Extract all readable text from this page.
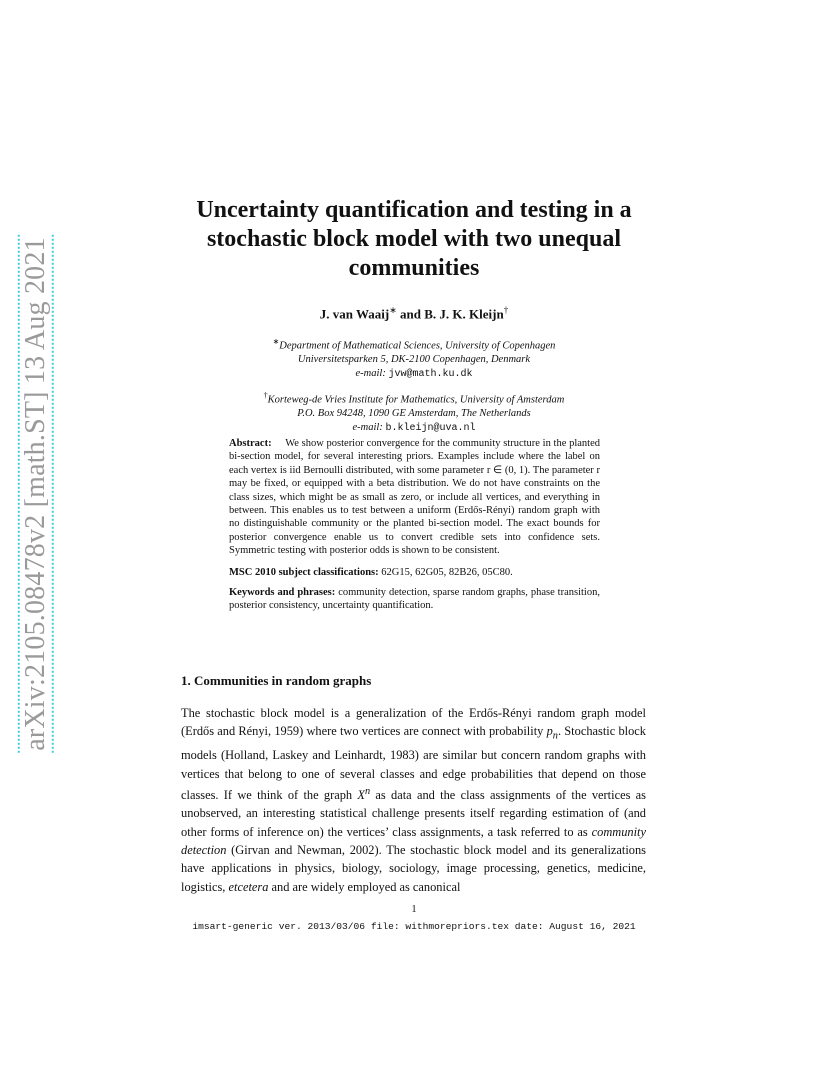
arXiv:2105.08478v2 [math.ST] 13 Aug 2021
Uncertainty quantification and testing in a stochastic block model with two unequal communities
J. van Waaij∗ and B. J. K. Kleijn†
∗Department of Mathematical Sciences, University of Copenhagen
Universitetsparken 5, DK-2100 Copenhagen, Denmark
e-mail: jvw@math.ku.dk
†Korteweg-de Vries Institute for Mathematics, University of Amsterdam
P.O. Box 94248, 1090 GE Amsterdam, The Netherlands
e-mail: b.kleijn@uva.nl

Abstract: We show posterior convergence for the community structure in the planted bi-section model, for several interesting priors. Examples include where the label on each vertex is iid Bernoulli distributed, with some parameter r ∈ (0, 1). The parameter r may be fixed, or equipped with a beta distribution. We do not have constraints on the class sizes, which might be as small as zero, or include all vertices, and everything in between. This enables us to test between a uniform (Erdős-Rényi) random graph with no distinguishable community or the planted bi-section model. The exact bounds for posterior convergence enable us to convert credible sets into confidence sets. Symmetric testing with posterior odds is shown to be consistent.

MSC 2010 subject classifications: 62G15, 62G05, 82B26, 05C80.

Keywords and phrases: community detection, sparse random graphs, phase transition, posterior consistency, uncertainty quantification.

1. Communities in random graphs

The stochastic block model is a generalization of the Erdős-Rényi random graph model (Erdős and Rényi, 1959) where two vertices are connect with probability $p_n$. Stochastic block models (Holland, Laskey and Leinhardt, 1983) are similar but concern random graphs with vertices that belong to one of several classes and edge probabilities that depend on those classes. If we think of the graph $X^n$ as data and the class assignments of the vertices as unobserved, an interesting statistical challenge presents itself regarding estimation of (and other forms of inference on) the vertices’ class assignments, a task referred to as community detection (Girvan and Newman, 2002). The stochastic block model and its generalizations have applications in physics, biology, sociology, image processing, genetics, medicine, logistics, etcetera and are widely employed as canonical

1
imsart-generic ver. 2013/03/06 file: withmorepriors.tex date: August 16, 2021
